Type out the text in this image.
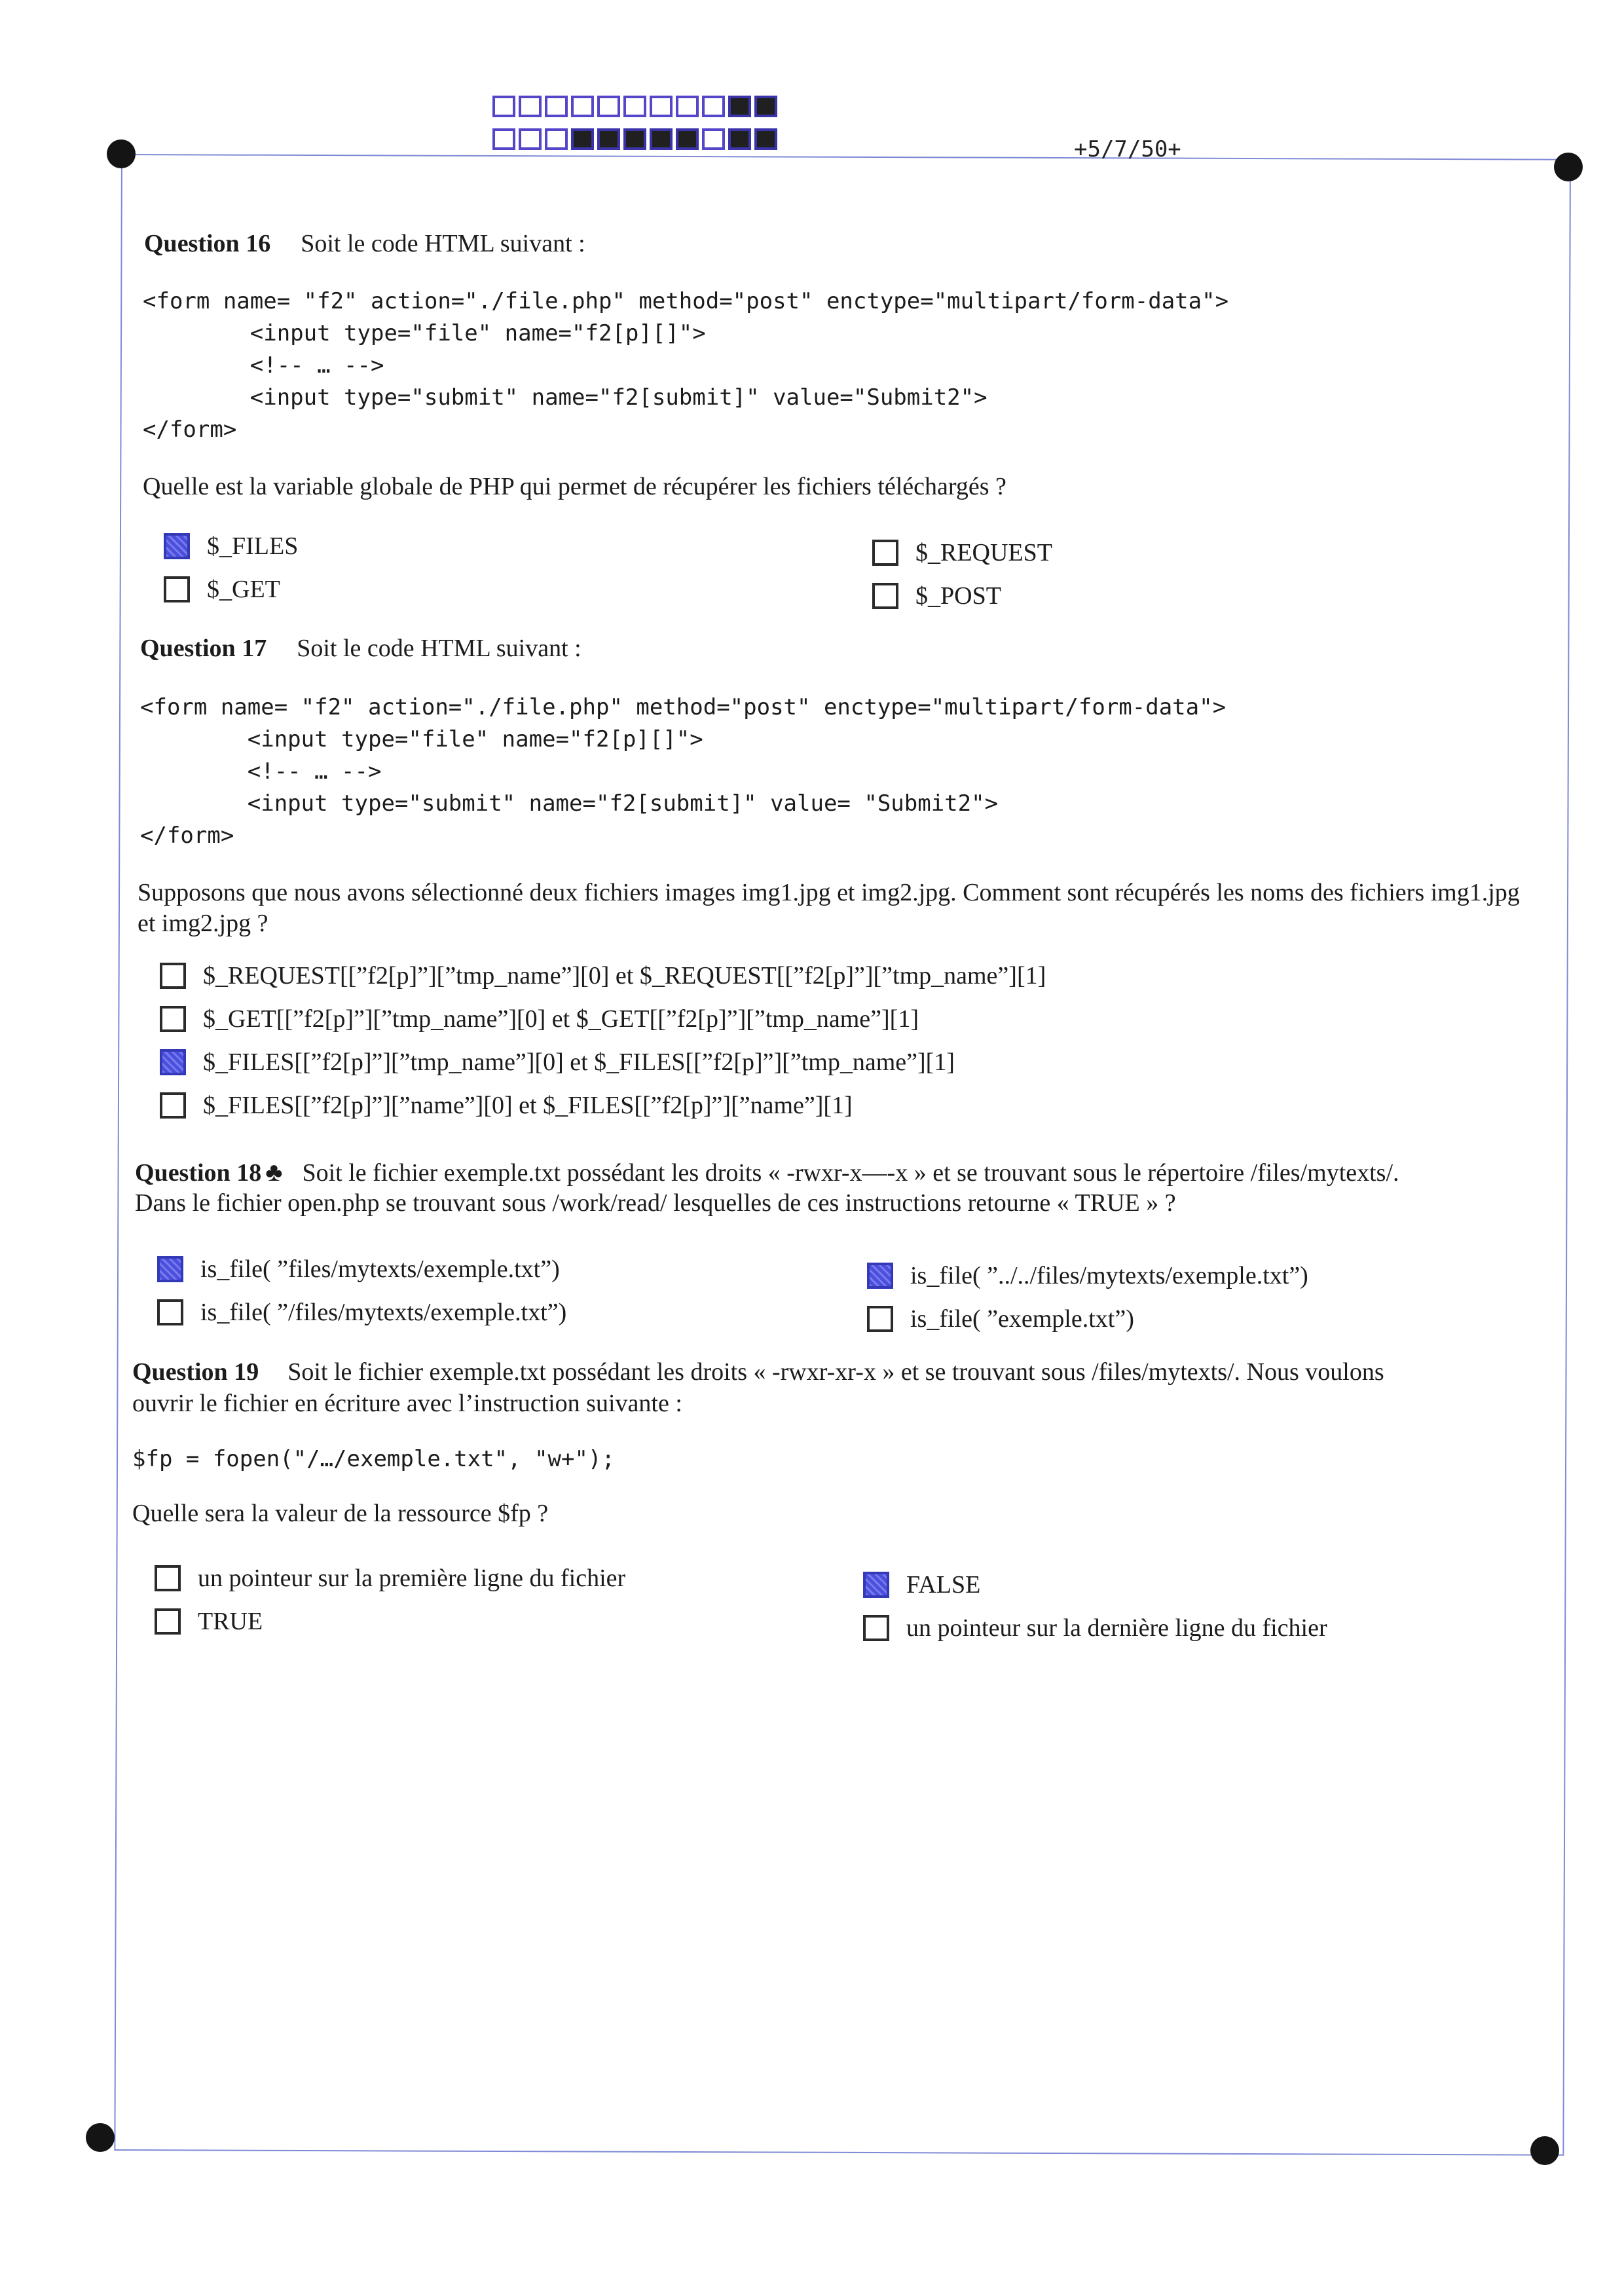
+5/7/50+
Question 16 Soit le code HTML suivant :
<form name= "f2" action="./file.php" method="post" enctype="multipart/form-data">
<input type="file" name="f2[p][]">
<!-- … -->
<input type="submit" name="f2[submit]" value="Submit2">
</form>
Quelle est la variable globale de PHP qui permet de récupérer les fichiers téléchargés ?
$_FILES
$_GET
$_REQUEST
$_POST
Question 17 Soit le code HTML suivant :
<form name= "f2" action="./file.php" method="post" enctype="multipart/form-data">
<input type="file" name="f2[p][]">
<!-- … -->
<input type="submit" name="f2[submit]" value= "Submit2">
</form>
Supposons que nous avons sélectionné deux fichiers images img1.jpg et img2.jpg. Comment sont récupérés les noms des fichiers img1.jpg et img2.jpg ?
$_REQUEST[[”f2[p]”][”tmp_name”][0] et $_REQUEST[[”f2[p]”][”tmp_name”][1]
$_GET[[”f2[p]”][”tmp_name”][0] et $_GET[[”f2[p]”][”tmp_name”][1]
$_FILES[[”f2[p]”][”tmp_name”][0] et $_FILES[[”f2[p]”][”tmp_name”][1]
$_FILES[[”f2[p]”][”name”][0] et $_FILES[[”f2[p]”][”name”][1]
Question 18 ♣ Soit le fichier exemple.txt possédant les droits « -rwxr-x—-x » et se trouvant sous le répertoire /files/mytexts/.
Dans le fichier open.php se trouvant sous /work/read/ lesquelles de ces instructions retourne « TRUE » ?
is_file( ”files/mytexts/exemple.txt”)
is_file( ”/files/mytexts/exemple.txt”)
is_file( ”../../files/mytexts/exemple.txt”)
is_file( ”exemple.txt”)
Question 19 Soit le fichier exemple.txt possédant les droits « -rwxr-xr-x » et se trouvant sous /files/mytexts/. Nous voulons
ouvrir le fichier en écriture avec l’instruction suivante :
$fp = fopen("/…/exemple.txt", "w+");
Quelle sera la valeur de la ressource $fp ?
un pointeur sur la première ligne du fichier
TRUE
FALSE
un pointeur sur la dernière ligne du fichier
